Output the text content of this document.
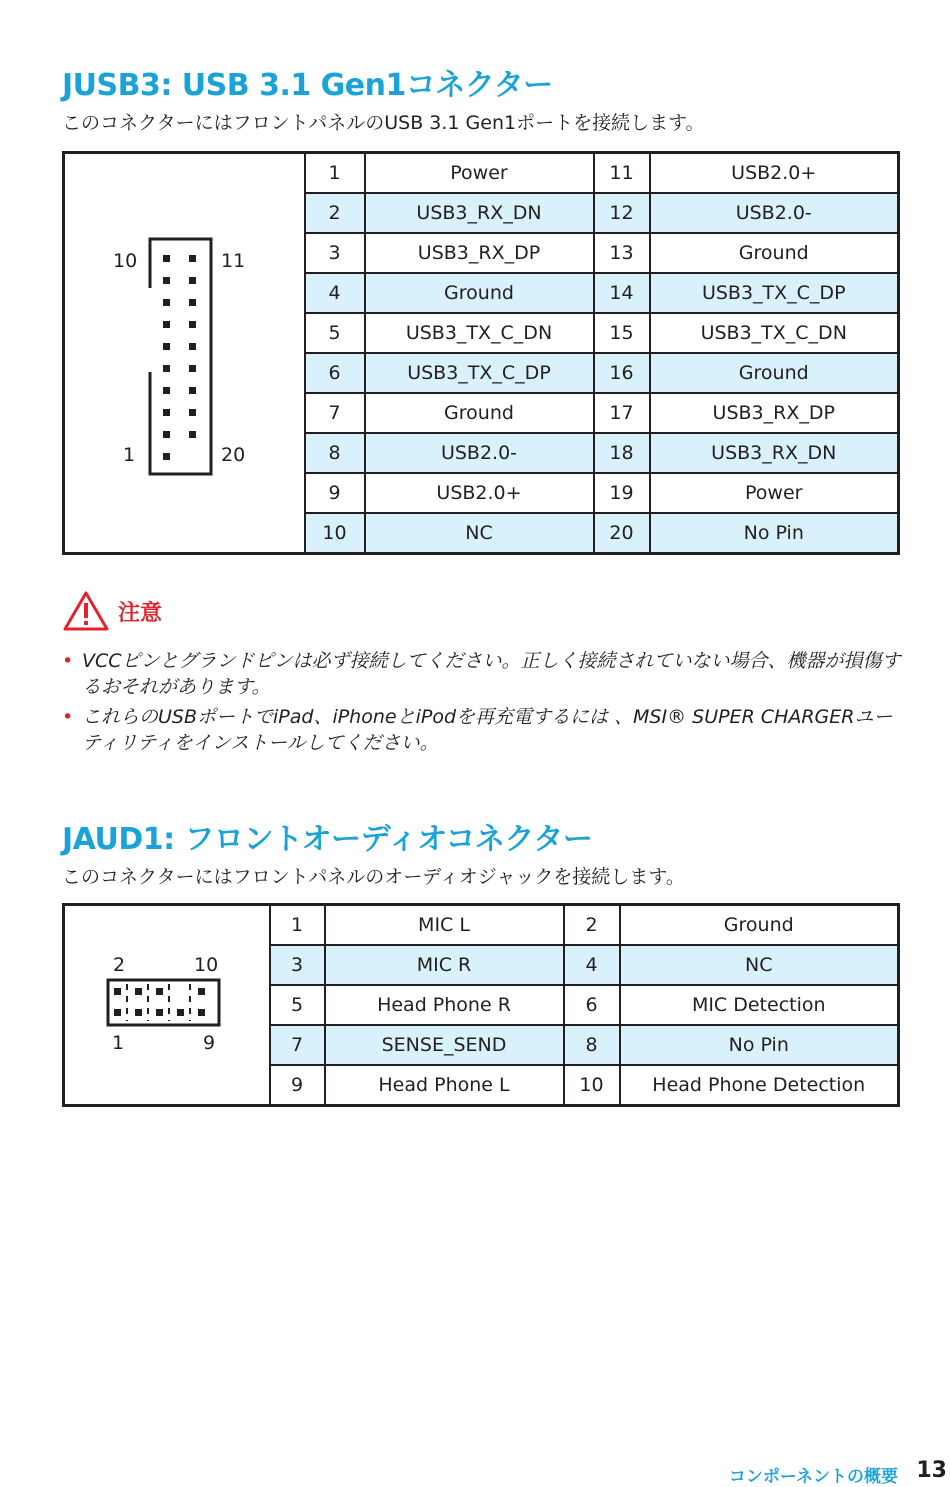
JUSB3: USB 3.1 Gen1コネクター

このコネクターにはフロントパネルのUSB 3.1 Gen1ポートを接続します。

	1	Power	11	USB2.0+
	2	USB3_RX_DN	12	USB2.0-
	3	USB3_RX_DP	13	Ground
	4	Ground	14	USB3_TX_C_DP
	5	USB3_TX_C_DN	15	USB3_TX_C_DN
	6	USB3_TX_C_DP	16	Ground
	7	Ground	17	USB3_RX_DP
	8	USB2.0-	18	USB3_RX_DN
	9	USB2.0+	19	Power
	10	NC	20	No Pin
10	11
1	20
注意
• VCCピンとグランドピンは必ず接続してください。正しく接続されていない場合、機器が損傷するおそれがあります。
• これらのUSBポートでiPad、iPhoneとiPodを再充電するには 、MSI® SUPER CHARGERユーティリティをインストールしてください。
JAUD1: フロントオーディオコネクター

このコネクターにはフロントパネルのオーディオジャックを接続します。

	1	MIC L	2	Ground
	3	MIC R	4	NC
	5	Head Phone R	6	MIC Detection
	7	SENSE_SEND	8	No Pin
	9	Head Phone L	10	Head Phone Detection
2	10
1	9
コンポーネントの概要 13
